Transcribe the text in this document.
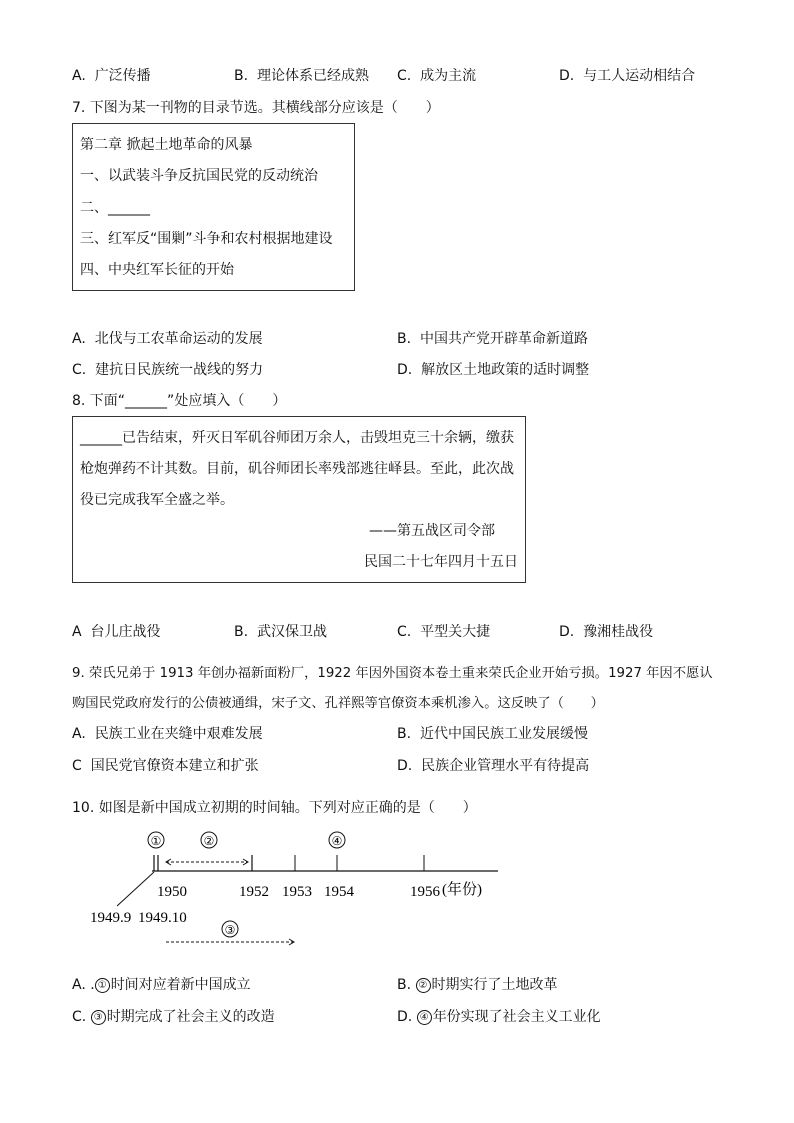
A. 广泛传播	B. 理论体系已经成熟 C. 成为主流	D. 与工人运动相结合
7. 下图为某一刊物的目录节选。其横线部分应该是（　　）
第二章 掀起土地革命的风暴
一、以武装斗争反抗国民党的反动统治
二、______
三、红军反“围剿”斗争和农村根据地建设
四、中央红军长征的开始
A. 北伐与工农革命运动的发展	B. 中国共产党开辟革命新道路
C. 建抗日民族统一战线的努力	D. 解放区土地政策的适时调整
8. 下面“______”处应填入（　　）
______已告结束，歼灭日军矶谷师团万余人，击毁坦克三十余辆，缴获
枪炮弹药不计其数。目前，矶谷师团长率残部逃往峄县。至此，此次战
役已完成我军全盛之举。
——第五战区司令部
民国二十七年四月十五日
A 台儿庄战役	B. 武汉保卫战	C. 平型关大捷	D. 豫湘桂战役
9. 荣氏兄弟于 1913 年创办福新面粉厂，1922 年因外国资本卷土重来荣氏企业开始亏损。1927 年因不愿认
购国民党政府发行的公债被通缉，宋子文、孔祥熙等官僚资本乘机渗入。这反映了（　　）
A. 民族工业在夹缝中艰难发展	B. 近代中国民族工业发展缓慢
C 国民党官僚资本建立和扩张	D. 民族企业管理水平有待提高
10. 如图是新中国成立初期的时间轴。下列对应正确的是（　　）
①	②	④
③
1950	1952 1953 1954	1956 (年份)
1949.9 1949.10
A. . ① 时间对应着新中国成立	B. ② 时期实行了土地改革
C. ③ 时期完成了社会主义的改造	D. ④ 年份实现了社会主义工业化
